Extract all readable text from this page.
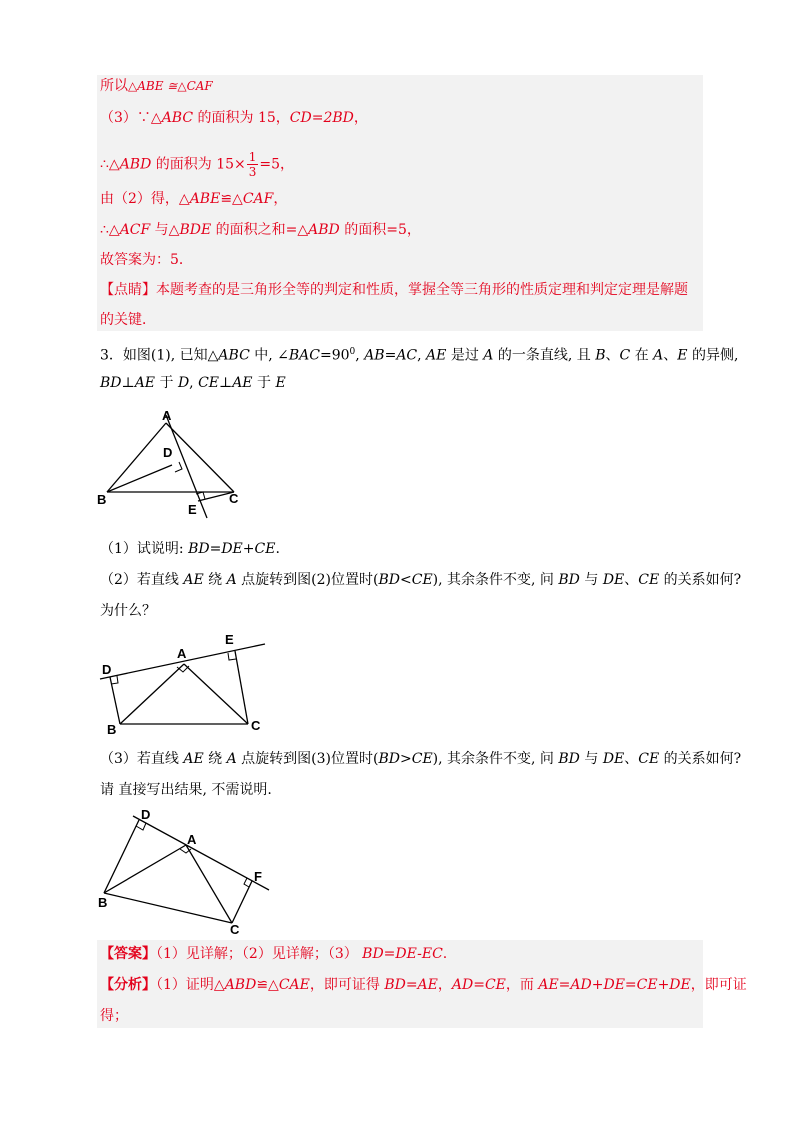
所以△ABE ≅△CAF
（3）∵△ABC 的面积为 15，CD=2BD，
∴△ABD 的面积为 $15\times \frac{1}{3} =5$，
由（2）得，△ABE≌△CAF，
∴△ACF 与△BDE 的面积之和=△ABD 的面积=5，
故答案为：5．
【点睛】本题考查的是三角形全等的判定和性质，掌握全等三角形的性质定理和判定定理是解题
的关键．
3．如图(1), 已知△ABC 中, $\angle BAC=90^0$, AB=AC, AE 是过 A 的一条直线, 且 B、C 在 A、E 的异侧,
BD⊥AE 于 D, CE⊥AE 于 E
A
B	C
D
E
（1）试说明: BD=DE+CE.
（2）若直线 AE 绕 A 点旋转到图(2)位置时(BD<CE), 其余条件不变, 问 BD 与 DE、CE 的关系如何?
为什么？
A
B	C
D
E
（3）若直线 AE 绕 A 点旋转到图(3)位置时(BD>CE), 其余条件不变, 问 BD 与 DE、CE 的关系如何?
请 直接写出结果, 不需说明.
A
B
C
D
F
【答案】（1）见详解；（2）见详解；（3） BD=DE-EC.
【分析】（1）证明△ABD≌△CAE，即可证得 BD=AE，AD=CE，而 AE=AD+DE=CE+DE，即可证
得；
